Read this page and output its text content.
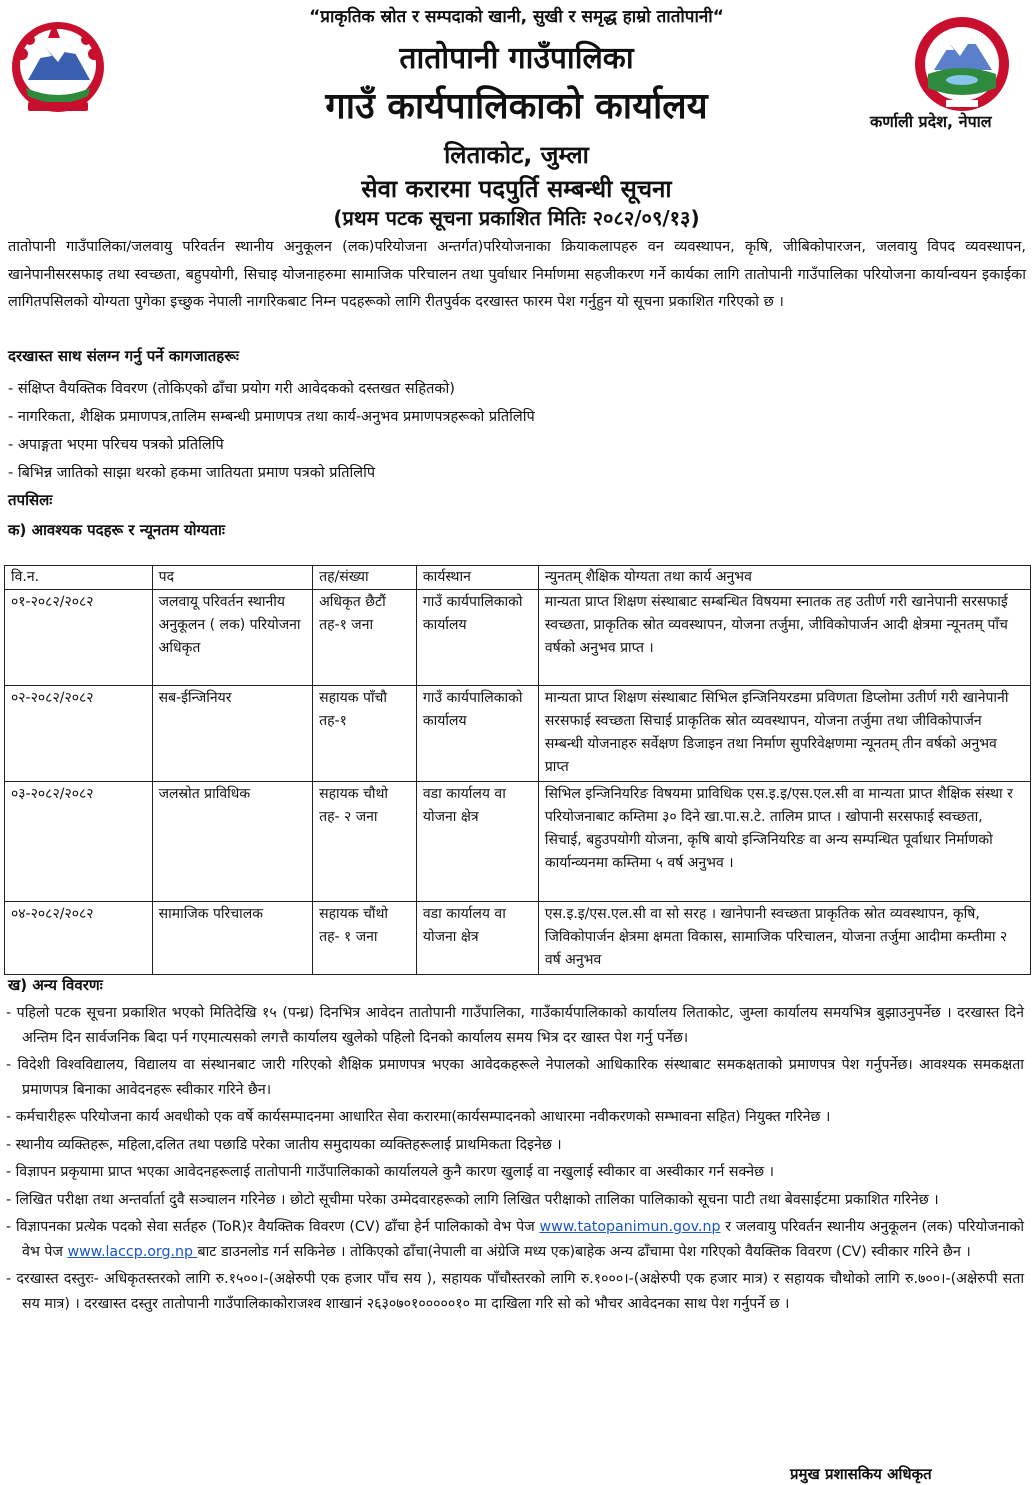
“प्राकृतिक स्रोत र सम्पदाको खानी, सुखी र समृद्ध हाम्रो तातोपानी“
तातोपानी गाउँपालिका
गाउँ कार्यपालिकाको कार्यालय	कर्णाली प्रदेश, नेपाल
लिताकोट, जुम्ला
सेवा करारमा पदपुर्ति सम्बन्धी सूचना
(प्रथम पटक सूचना प्रकाशित मितिः २०८२/०९/१३)
तातोपानी गाउँपालिका/जलवायु परिवर्तन स्थानीय अनुकूलन (लक)परियोजना अन्तर्गत)परियोजनाका क्रियाकलापहरु वन व्यवस्थापन, कृषि, जीबिकोपारजन, जलवायु विपद व्यवस्थापन, खानेपानीसरसफाइ तथा स्वच्छता, बहुपयोगी, सिचाइ योजनाहरुमा सामाजिक परिचालन तथा पुर्वाधार निर्माणमा सहजीकरण गर्ने कार्यका लागि तातोपानी गाउँपालिका परियोजना कार्यान्वयन इकाईका लागितपसिलको योग्यता पुगेका इच्छुक नेपाली नागरिकबाट निम्न पदहरूको लागि रीतपुर्वक दरखास्त फारम पेश गर्नुहुन यो सूचना प्रकाशित गरिएको छ ।
दरखास्त साथ संलग्न गर्नु पर्ने कागजातहरूः
- संक्षिप्त वैयक्तिक विवरण (तोकिएको ढाँचा प्रयोग गरी आवेदकको दस्तखत सहितको)
- नागरिकता, शैक्षिक प्रमाणपत्र,तालिम सम्बन्धी प्रमाणपत्र तथा कार्य-अनुभव प्रमाणपत्रहरूको प्रतिलिपि
- अपाङ्गता भएमा परिचय पत्रको प्रतिलिपि
- बिभिन्न जातिको साझा थरको हकमा जातियता प्रमाण पत्रको प्रतिलिपि
तपसिलः
क) आवश्यक पदहरू र न्यूनतम योग्यताः
वि.न.	पद	तह/संख्या	कार्यस्थान	न्युनतम् शैक्षिक योग्यता तथा कार्य अनुभव
०१-२०८२/२०८२	जलवायू परिवर्तन स्थानीय अनुकूलन ( लक) परियोजना अधिकृत	अधिकृत छैटौं तह-१ जना	गाउँ कार्यपालिकाको कार्यालय	मान्यता प्राप्त शिक्षण संस्थाबाट सम्बन्धित विषयमा स्नातक तह उतीर्ण गरी खानेपानी सरसफाई स्वच्छता, प्राकृतिक स्रोत व्यवस्थापन, योजना तर्जुमा, जीविकोपार्जन आदी क्षेत्रमा न्यूनतम् पाँच वर्षको अनुभव प्राप्त ।
०२-२०८२/२०८२	सब-ईन्जिनियर	सहायक पाँचौ तह-१	गाउँ कार्यपालिकाको कार्यालय	मान्यता प्राप्त शिक्षण संस्थाबाट सिभिल इन्जिनियरडमा प्रविणता डिप्लोमा उतीर्ण गरी खानेपानी सरसफाई स्वच्छता सिचाई प्राकृतिक स्रोत व्यवस्थापन, योजना तर्जुमा तथा जीविकोपार्जन सम्बन्धी योजनाहरु सर्वेक्षण डिजाइन तथा निर्माण सुपरिवेक्षणमा न्यूनतम् तीन वर्षको अनुभव प्राप्त
०३-२०८२/२०८२	जलस्रोत प्राविधिक	सहायक चौथो तह- २ जना	वडा कार्यालय वा योजना क्षेत्र	सिभिल इन्जिनियरिङ विषयमा प्राविधिक एस.इ.इ/एस.एल.सी वा मान्यता प्राप्त शैक्षिक संस्था र परियोजनाबाट कम्तिमा ३० दिने खा.पा.स.टे. तालिम प्राप्त । खोपानी सरसफाई स्वच्छता, सिचाई, बहुउपयोगी योजना, कृषि बायो इन्जिनियरिङ वा अन्य सम्पन्धित पूर्वाधार निर्माणको कार्यान्व्यनमा कम्तिमा ५ वर्ष अनुभव ।
०४-२०८२/२०८२	सामाजिक परिचालक	सहायक चौंथो तह- १ जना	वडा कार्यालय वा योजना क्षेत्र	एस.इ.इ/एस.एल.सी वा सो सरह । खानेपानी स्वच्छता प्राकृतिक स्रोत व्यवस्थापन, कृषि, जिविकोपार्जन क्षेत्रमा क्षमता विकास, सामाजिक परिचालन, योजना तर्जुमा आदीमा कम्तीमा २ वर्ष अनुभव
ख) अन्य विवरणः
- पहिलो पटक सूचना प्रकाशित भएको मितिदेखि १५ (पन्ध्र) दिनभित्र आवेदन तातोपानी गाउँपालिका, गाउँकार्यपालिकाको कार्यालय लिताकोट, जुम्ला कार्यालय समयभित्र बुझाउनुपर्नेछ । दरखास्त दिने अन्तिम दिन सार्वजनिक बिदा पर्न गएमात्यसको लगत्तै कार्यालय खुलेको पहिलो दिनको कार्यालय समय भित्र दर खास्त पेश गर्नु पर्नेछ।
- विदेशी विश्वविद्यालय, विद्यालय वा संस्थानबाट जारी गरिएको शैक्षिक प्रमाणपत्र भएका आवेदकहरूले नेपालको आधिकारिक संस्थाबाट समकक्षताको प्रमाणपत्र पेश गर्नुपर्नेछ। आवश्यक समकक्षता प्रमाणपत्र बिनाका आवेदनहरू स्वीकार गरिने छैन।
- कर्मचारीहरू परियोजना कार्य अवधीको एक वर्षे कार्यसम्पादनमा आधारित सेवा करारमा(कार्यसम्पादनको आधारमा नवीकरणको सम्भावना सहित) नियुक्त गरिनेछ ।
- स्थानीय व्यक्तिहरू, महिला,दलित तथा पछाडि परेका जातीय समुदायका व्यक्तिहरूलाई प्राथमिकता दिइनेछ ।
- विज्ञापन प्रकृयामा प्राप्त भएका आवेदनहरूलाई तातोपानी गाउँपालिकाको कार्यालयले कुनै कारण खुलाई वा नखुलाई स्वीकार वा अस्वीकार गर्न सक्नेछ ।
- लिखित परीक्षा तथा अन्तर्वार्ता दुवै सञ्चालन गरिनेछ । छोटो सूचीमा परेका उम्मेदवारहरूको लागि लिखित परीक्षाको तालिका पालिकाको सूचना पाटी तथा बेवसाईटमा प्रकाशित गरिनेछ ।
- विज्ञापनका प्रत्येक पदको सेवा सर्तहरु (ToR)र वैयक्तिक विवरण (CV) ढाँचा हेर्न पालिकाको वेभ पेज www.tatopanimun.gov.np र जलवायु परिवर्तन स्थानीय अनुकूलन (लक) परियोजनाको वेभ पेज www.laccp.org.np बाट डाउनलोड गर्न सकिनेछ । तोकिएको ढाँचा(नेपाली वा अंग्रेजि मध्य एक)बाहेक अन्य ढाँचामा पेश गरिएको वैयक्तिक विवरण (CV) स्वीकार गरिने छैन ।
- दरखास्त दस्तुरः- अधिकृतस्तरको लागि रु.१५००।-(अक्षेरुपी एक हजार पाँच सय ), सहायक पाँचौस्तरको लागि रु.१०००।-(अक्षेरुपी एक हजार मात्र) र सहायक चौथोको लागि रु.७००।-(अक्षेरुपी सता सय मात्र) । दरखास्त दस्तुर तातोपानी गाउँपालिकाकोराजश्व शाखानं २६३०७०१०००००१० मा दाखिला गरि सो को भौचर आवेदनका साथ पेश गर्नुपर्ने छ ।
प्रमुख प्रशासकिय अधिकृत
